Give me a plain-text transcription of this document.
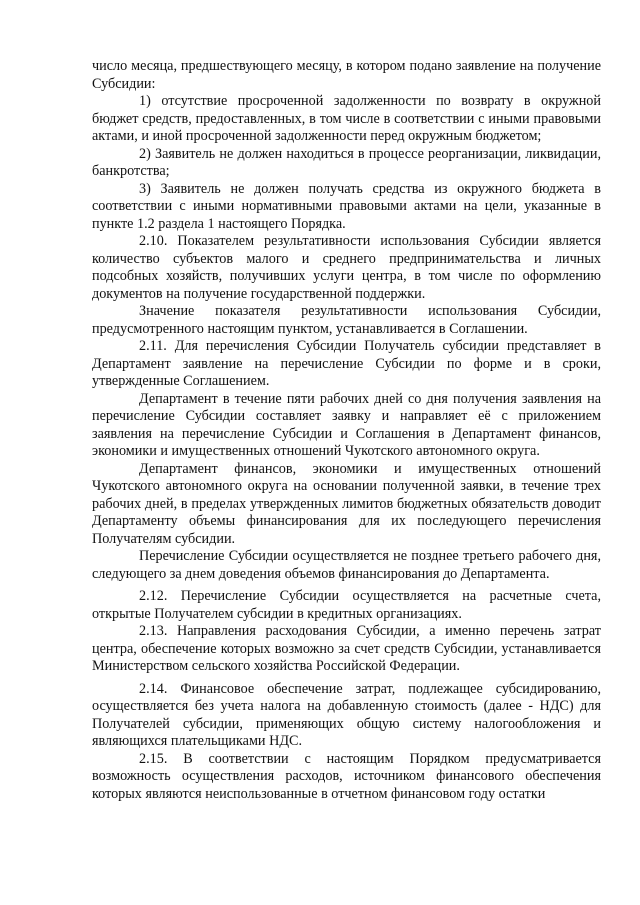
число месяца, предшествующего месяцу, в котором подано заявление на получение Субсидии:

1) отсутствие просроченной задолженности по возврату в окружной бюджет средств, предоставленных, в том числе в соответствии с иными правовыми актами, и иной просроченной задолженности перед окружным бюджетом;

2) Заявитель не должен находиться в процессе реорганизации, ликвидации, банкротства;

3) Заявитель не должен получать средства из окружного бюджета в соответствии с иными нормативными правовыми актами на цели, указанные в пункте 1.2 раздела 1 настоящего Порядка.

2.10. Показателем результативности использования Субсидии является количество субъектов малого и среднего предпринимательства и личных подсобных хозяйств, получивших услуги центра, в том числе по оформлению документов на получение государственной поддержки.

Значение показателя результативности использования Субсидии, предусмотренного настоящим пунктом, устанавливается в Соглашении.

2.11. Для перечисления Субсидии Получатель субсидии представляет в Департамент заявление на перечисление Субсидии по форме и в сроки, утвержденные Соглашением.

Департамент в течение пяти рабочих дней со дня получения заявления на перечисление Субсидии составляет заявку и направляет её с приложением заявления на перечисление Субсидии и Соглашения в Департамент финансов, экономики и имущественных отношений Чукотского автономного округа.

Департамент финансов, экономики и имущественных отношений Чукотского автономного округа на основании полученной заявки, в течение трех рабочих дней, в пределах утвержденных лимитов бюджетных обязательств доводит Департаменту объемы финансирования для их последующего перечисления Получателям субсидии.

Перечисление Субсидии осуществляется не позднее третьего рабочего дня, следующего за днем доведения объемов финансирования до Департамента.

2.12. Перечисление Субсидии осуществляется на расчетные счета, открытые Получателем субсидии в кредитных организациях.

2.13. Направления расходования Субсидии, а именно перечень затрат центра, обеспечение которых возможно за счет средств Субсидии, устанавливается Министерством сельского хозяйства Российской Федерации.

2.14. Финансовое обеспечение затрат, подлежащее субсидированию, осуществляется без учета налога на добавленную стоимость (далее - НДС) для Получателей субсидии, применяющих общую систему налогообложения и являющихся плательщиками НДС.

2.15. В соответствии с настоящим Порядком предусматривается возможность осуществления расходов, источником финансового обеспечения которых являются неиспользованные в отчетном финансовом году остатки
